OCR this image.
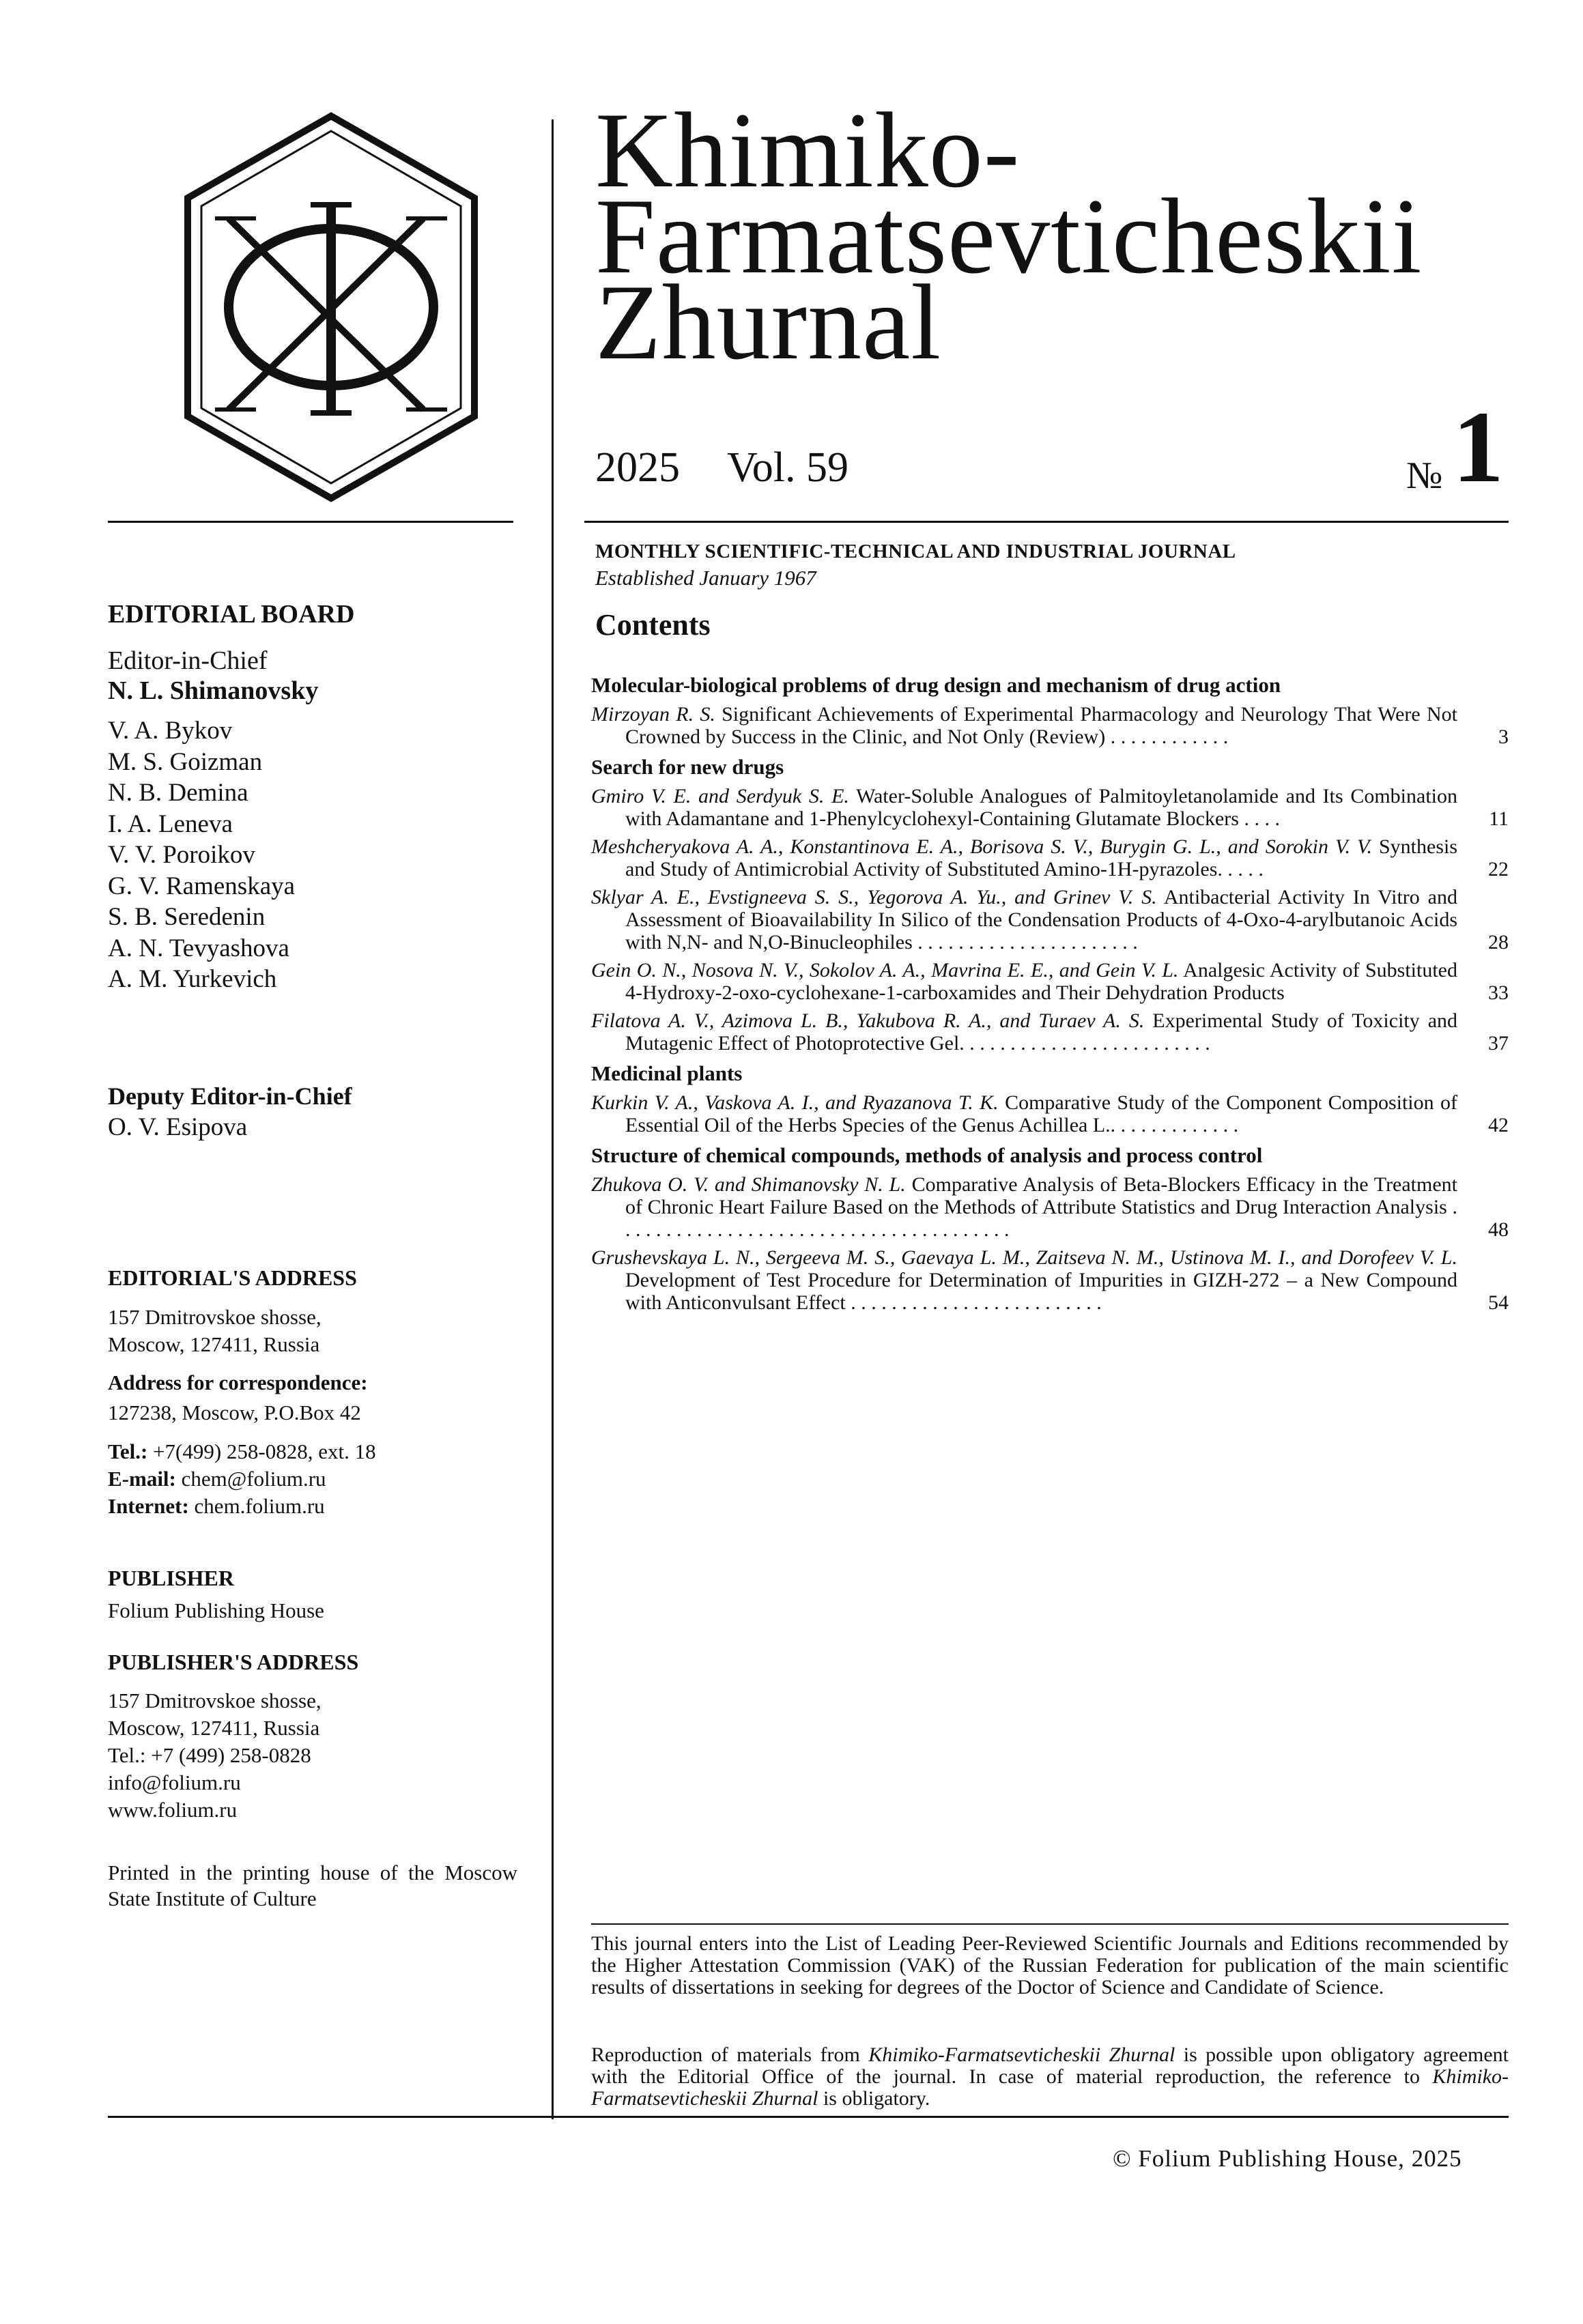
EDITORIAL BOARD
Editor-in-Chief
N. L. Shimanovsky
V. A. Bykov
M. S. Goizman
N. B. Demina
I. A. Leneva
V. V. Poroikov
G. V. Ramenskaya
S. B. Seredenin
A. N. Tevyashova
A. M. Yurkevich
Deputy Editor-in-Chief
O. V. Esipova
EDITORIAL'S ADDRESS
157 Dmitrovskoe shosse,
Moscow, 127411, Russia
Address for correspondence:
127238, Moscow, P.O.Box 42
Tel.: +7(499) 258-0828, ext. 18
E-mail: chem@folium.ru
Internet: chem.folium.ru
PUBLISHER
Folium Publishing House
PUBLISHER'S ADDRESS
157 Dmitrovskoe shosse,
Moscow, 127411, Russia
Tel.: +7 (499) 258-0828
info@folium.ru
www.folium.ru
Printed in the printing house of the Moscow State Institute of Culture
Khimiko-
Farmatsevticheskii
Zhurnal
2025 Vol. 59	№ 1
MONTHLY SCIENTIFIC-TECHNICAL AND INDUSTRIAL JOURNAL
Established January 1967
Contents
Molecular-biological problems of drug design and mechanism of drug action
Mirzoyan R. S. Significant Achievements of Experimental Pharmacology and Neurology That Were Not Crowned by Success in the Clinic, and Not Only (Review) . . . . . . . . . . . .	3
Search for new drugs
Gmiro V. E. and Serdyuk S. E. Water-Soluble Analogues of Palmitoyletanolamide and Its Combination with Adamantane and 1-Phenylcyclohexyl-Containing Glutamate Blockers . . . .	11
Meshcheryakova A. A., Konstantinova E. A., Borisova S. V., Burygin G. L., and Sorokin V. V. Synthesis and Study of Antimicrobial Activity of Substituted Amino-1H-pyrazoles. . . . .	22
Sklyar A. E., Evstigneeva S. S., Yegorova A. Yu., and Grinev V. S. Antibacterial Activity In Vitro and Assessment of Bioavailability In Silico of the Condensation Products of 4-Oxo-4-arylbutanoic Acids with N,N- and N,O-Binucleophiles . . . . . . . . . . . . . . . . . . . . . .	28
Gein O. N., Nosova N. V., Sokolov A. A., Mavrina E. E., and Gein V. L. Analgesic Activity of Substituted 4-Hydroxy-2-oxo-cyclohexane-1-carboxamides and Their Dehydration Products	33
Filatova A. V., Azimova L. B., Yakubova R. A., and Turaev A. S. Experimental Study of Toxicity and Mutagenic Effect of Photoprotective Gel. . . . . . . . . . . . . . . . . . . . . . . . .	37
Medicinal plants
Kurkin V. A., Vaskova A. I., and Ryazanova T. K. Comparative Study of the Component Composition of Essential Oil of the Herbs Species of the Genus Achillea L.. . . . . . . . . . . . .	42
Structure of chemical compounds, methods of analysis and process control
Zhukova O. V. and Shimanovsky N. L. Comparative Analysis of Beta-Blockers Efficacy in the Treatment of Chronic Heart Failure Based on the Methods of Attribute Statistics and Drug Interaction Analysis . . . . . . . . . . . . . . . . . . . . . . . . . . . . . . . . . . . . . . .	48
Grushevskaya L. N., Sergeeva M. S., Gaevaya L. M., Zaitseva N. M., Ustinova M. I., and Dorofeev V. L. Development of Test Procedure for Determination of Impurities in GIZH-272 – a New Compound with Anticonvulsant Effect . . . . . . . . . . . . . . . . . . . . . . . . .	54
This journal enters into the List of Leading Peer-Reviewed Scientific Journals and Editions recommended by the Higher Attestation Commission (VAK) of the Russian Federation for publication of the main scientific results of dissertations in seeking for degrees of the Doctor of Science and Candidate of Science.
Reproduction of materials from Khimiko-Farmatsevticheskii Zhurnal is possible upon obligatory agreement with the Editorial Office of the journal. In case of material reproduction, the reference to Khimiko-Farmatsevticheskii Zhurnal is obligatory.
© Folium Publishing House, 2025
